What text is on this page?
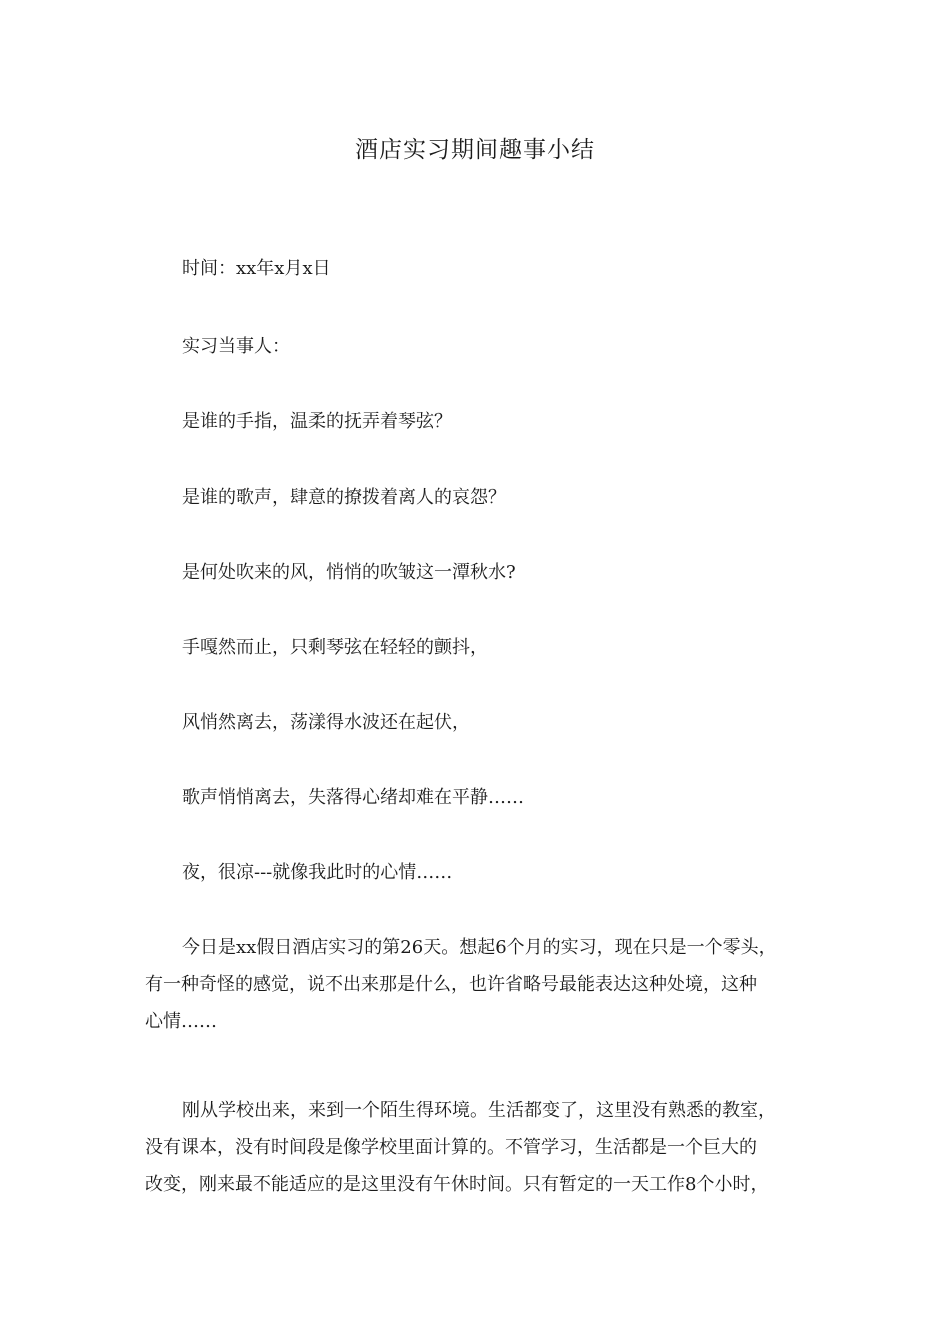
酒店实习期间趣事小结

时间：xx年x月x日

实习当事人：

是谁的手指，温柔的抚弄着琴弦？

是谁的歌声，肆意的撩拨着离人的哀怨？

是何处吹来的风，悄悄的吹皱这一潭秋水?

手嘎然而止，只剩琴弦在轻轻的颤抖，

风悄然离去，荡漾得水波还在起伏，

歌声悄悄离去，失落得心绪却难在平静……

夜，很凉---就像我此时的心情……

今日是xx假日酒店实习的第26天。想起6个月的实习，现在只是一个零头，
有一种奇怪的感觉，说不出来那是什么，也许省略号最能表达这种处境，这种
心情……
刚从学校出来，来到一个陌生得环境。生活都变了，这里没有熟悉的教室，
没有课本，没有时间段是像学校里面计算的。不管学习，生活都是一个巨大的
改变，刚来最不能适应的是这里没有午休时间。只有暂定的一天工作8个小时，
